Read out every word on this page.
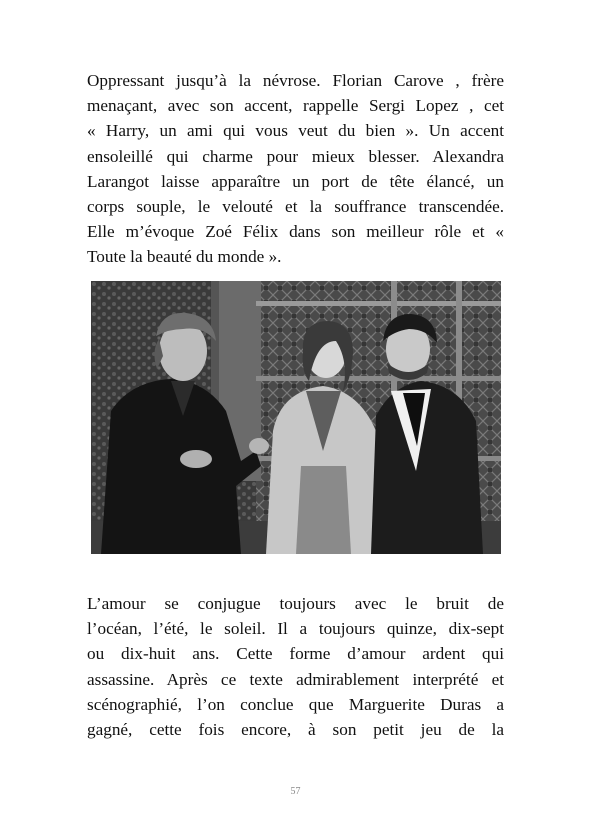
Oppressant jusqu’à la névrose. Florian Carove , frère
menaçant, avec son accent, rappelle Sergi Lopez , cet
« Harry, un ami qui vous veut du bien ». Un accent
ensoleillé qui charme pour mieux blesser. Alexandra
Larangot laisse apparaître un port de tête élancé, un
corps souple, le velouté et la souffrance transcendée.
Elle m’évoque Zoé Félix dans son meilleur rôle et «
Toute la beauté du monde ».
L’amour se conjugue toujours avec le bruit de
l’océan, l’été, le soleil. Il a toujours quinze, dix-sept
ou dix-huit ans. Cette forme d’amour ardent qui
assassine. Après ce texte admirablement interprété et
scénographié, l’on conclue que Marguerite Duras a
gagné, cette fois encore, à son petit jeu de la
57
